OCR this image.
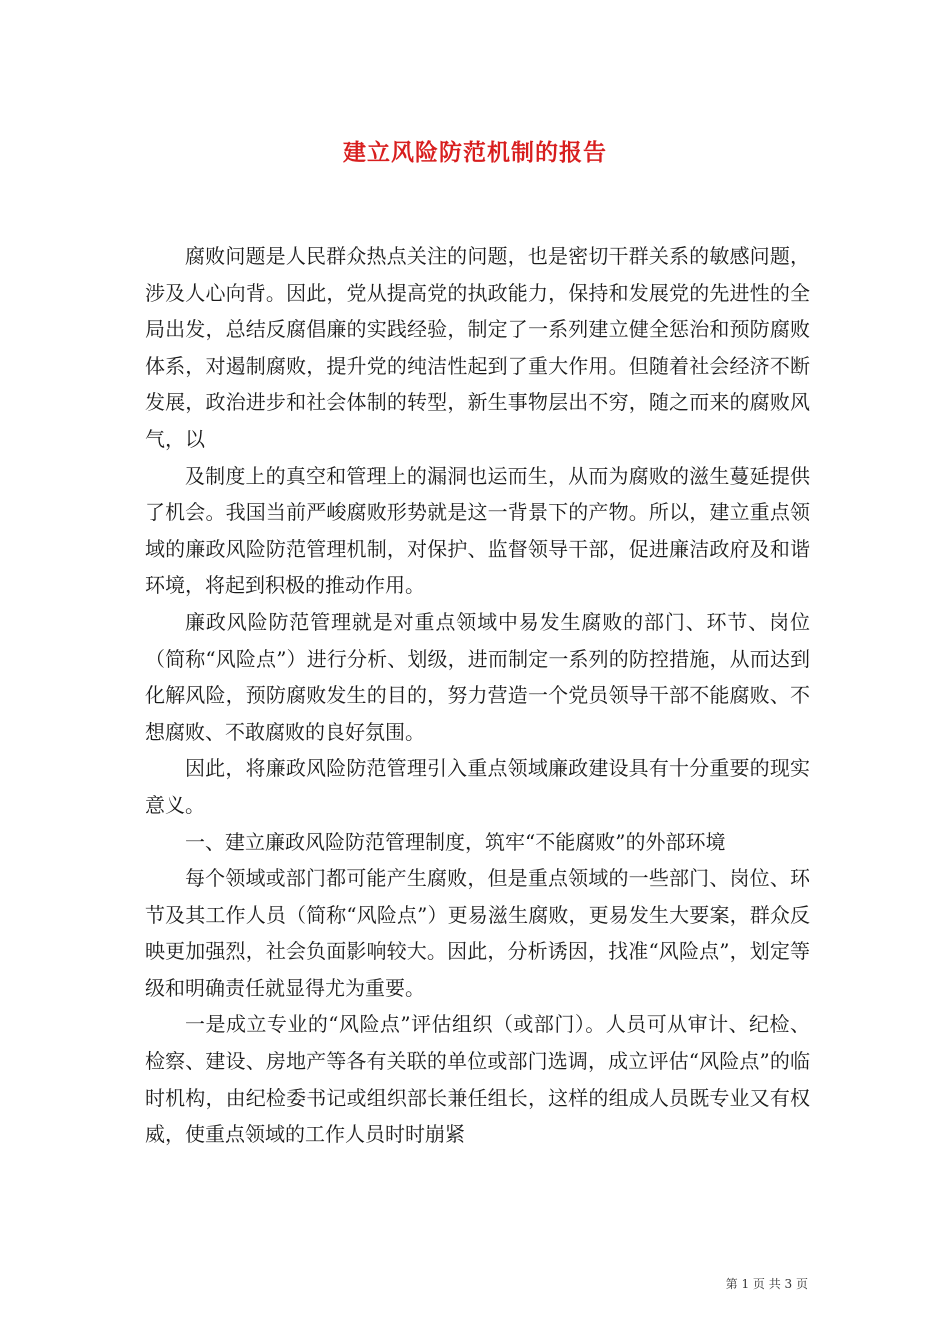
建立风险防范机制的报告

腐败问题是人民群众热点关注的问题，也是密切干群关系的敏感问题，涉及人心向背。因此，党从提高党的执政能力，保持和发展党的先进性的全局出发，总结反腐倡廉的实践经验，制定了一系列建立健全惩治和预防腐败体系，对遏制腐败，提升党的纯洁性起到了重大作用。但随着社会经济不断发展，政治进步和社会体制的转型，新生事物层出不穷，随之而来的腐败风气，以

及制度上的真空和管理上的漏洞也运而生，从而为腐败的滋生蔓延提供了机会。我国当前严峻腐败形势就是这一背景下的产物。所以，建立重点领域的廉政风险防范管理机制，对保护、监督领导干部，促进廉洁政府及和谐环境，将起到积极的推动作用。

廉政风险防范管理就是对重点领域中易发生腐败的部门、环节、岗位（简称“风险点”）进行分析、划级，进而制定一系列的防控措施，从而达到化解风险，预防腐败发生的目的，努力营造一个党员领导干部不能腐败、不想腐败、不敢腐败的良好氛围。

因此，将廉政风险防范管理引入重点领域廉政建设具有十分重要的现实意义。

一、建立廉政风险防范管理制度，筑牢“不能腐败”的外部环境

每个领域或部门都可能产生腐败，但是重点领域的一些部门、岗位、环节及其工作人员（简称“风险点”）更易滋生腐败，更易发生大要案，群众反映更加强烈，社会负面影响较大。因此，分析诱因，找准“风险点”，划定等级和明确责任就显得尤为重要。

一是成立专业的“风险点”评估组织（或部门）。人员可从审计、纪检、检察、建设、房地产等各有关联的单位或部门选调，成立评估“风险点”的临时机构，由纪检委书记或组织部长兼任组长，这样的组成人员既专业又有权威，使重点领域的工作人员时时崩紧

第 1 页 共 3 页
